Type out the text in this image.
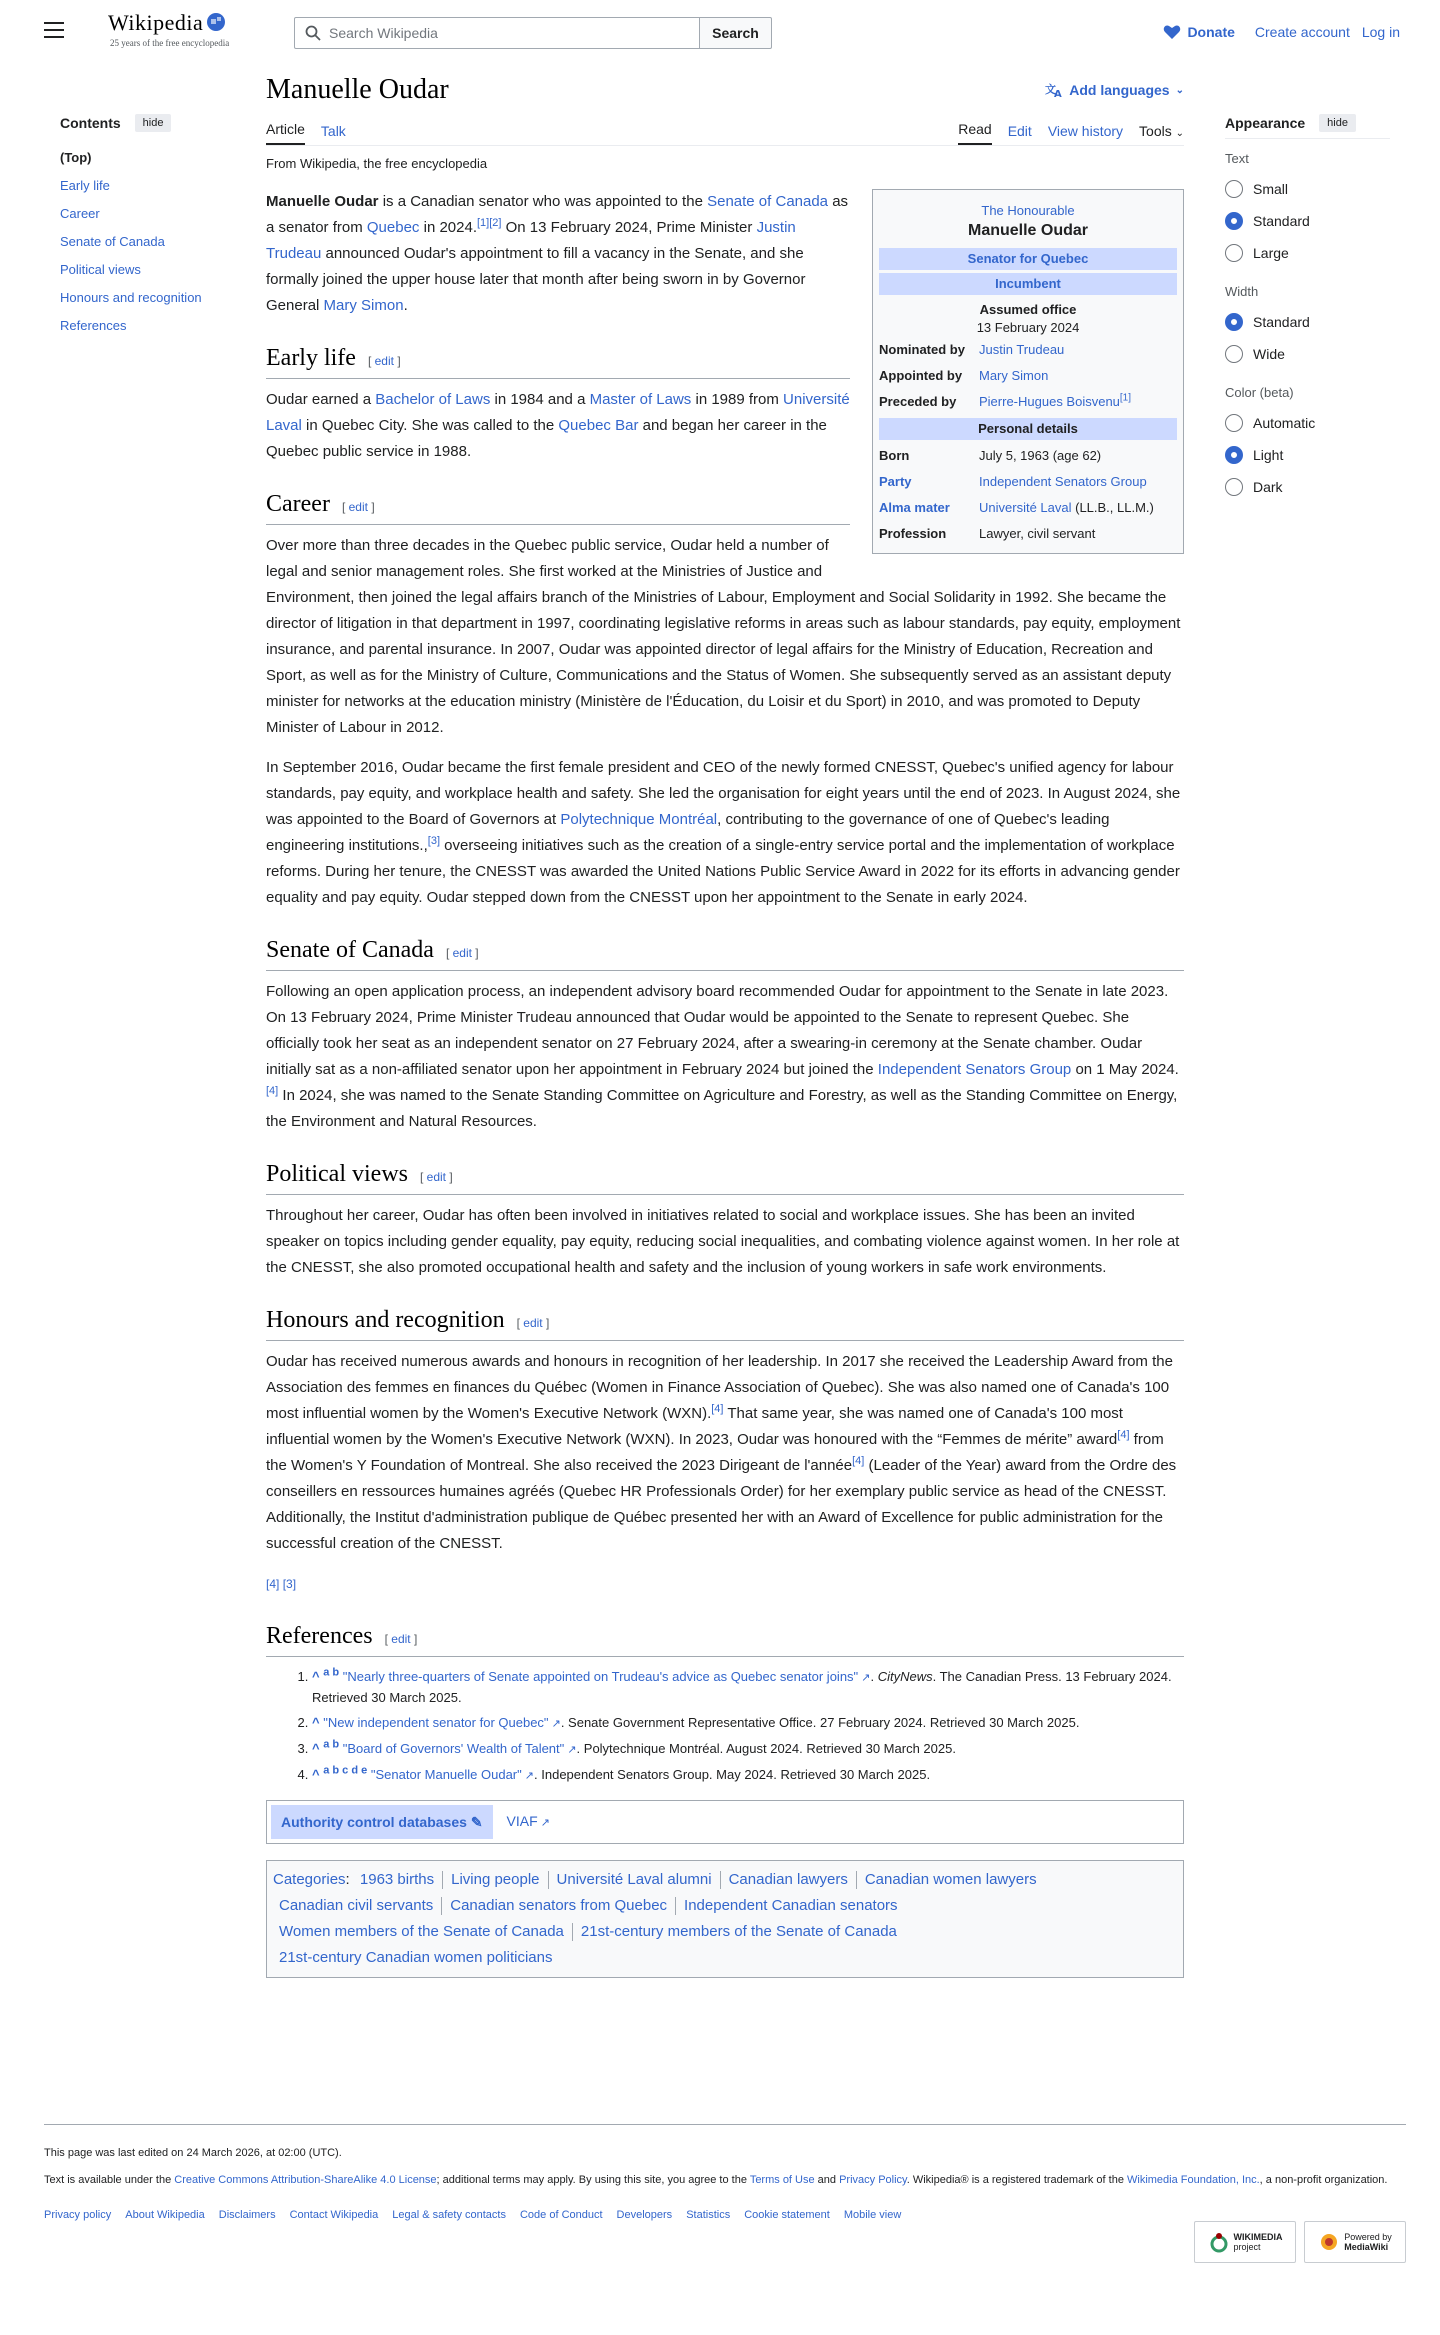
Wikipedia
25 years of the free encyclopedia
Search Wikipedia	Search	Donate Create account Log in
Contents	hide
(Top)
Early life
Career
Senate of Canada
Political views
Honours and recognition
References
Manuelle Oudar	文
A Add languages ⌄
Article Talk	Read Edit View history Tools ⌄
From Wikipedia, the free encyclopedia
The Honourable
Manuelle Oudar
Senator for Quebec
Incumbent
Assumed office
13 February 2024
Nominated by	Justin Trudeau
Appointed by	Mary Simon
Preceded by	Pierre-Hugues Boisvenu[1]
Personal details
Born	July 5, 1963 (age 62)
Party	Independent Senators Group
Alma mater	Université Laval (LL.B., LL.M.)
Profession	Lawyer, civil servant

Manuelle Oudar is a Canadian senator who was appointed to the Senate of Canada as a senator from Quebec in 2024.[1][2] On 13 February 2024, Prime Minister Justin Trudeau announced Oudar's appointment to fill a vacancy in the Senate, and she formally joined the upper house later that month after being sworn in by Governor General Mary Simon.

Early life [ edit ]

Oudar earned a Bachelor of Laws in 1984 and a Master of Laws in 1989 from Université Laval in Quebec City. She was called to the Quebec Bar and began her career in the Quebec public service in 1988.

Career [ edit ]

Over more than three decades in the Quebec public service, Oudar held a number of legal and senior management roles. She first worked at the Ministries of Justice and Environment, then joined the legal affairs branch of the Ministries of Labour, Employment and Social Solidarity in 1992. She became the director of litigation in that department in 1997, coordinating legislative reforms in areas such as labour standards, pay equity, employment insurance, and parental insurance. In 2007, Oudar was appointed director of legal affairs for the Ministry of Education, Recreation and Sport, as well as for the Ministry of Culture, Communications and the Status of Women. She subsequently served as an assistant deputy minister for networks at the education ministry (Ministère de l'Éducation, du Loisir et du Sport) in 2010, and was promoted to Deputy Minister of Labour in 2012.

In September 2016, Oudar became the first female president and CEO of the newly formed CNESST, Quebec's unified agency for labour standards, pay equity, and workplace health and safety. She led the organisation for eight years until the end of 2023. In August 2024, she was appointed to the Board of Governors at Polytechnique Montréal, contributing to the governance of one of Quebec's leading engineering institutions.,[3] overseeing initiatives such as the creation of a single-entry service portal and the implementation of workplace reforms. During her tenure, the CNESST was awarded the United Nations Public Service Award in 2022 for its efforts in advancing gender equality and pay equity. Oudar stepped down from the CNESST upon her appointment to the Senate in early 2024.

Senate of Canada [ edit ]

Following an open application process, an independent advisory board recommended Oudar for appointment to the Senate in late 2023. On 13 February 2024, Prime Minister Trudeau announced that Oudar would be appointed to the Senate to represent Quebec. She officially took her seat as an independent senator on 27 February 2024, after a swearing-in ceremony at the Senate chamber. Oudar initially sat as a non-affiliated senator upon her appointment in February 2024 but joined the Independent Senators Group on 1 May 2024.[4] In 2024, she was named to the Senate Standing Committee on Agriculture and Forestry, as well as the Standing Committee on Energy, the Environment and Natural Resources.

Political views [ edit ]

Throughout her career, Oudar has often been involved in initiatives related to social and workplace issues. She has been an invited speaker on topics including gender equality, pay equity, reducing social inequalities, and combating violence against women. In her role at the CNESST, she also promoted occupational health and safety and the inclusion of young workers in safe work environments.

Honours and recognition [ edit ]

Oudar has received numerous awards and honours in recognition of her leadership. In 2017 she received the Leadership Award from the Association des femmes en finances du Québec (Women in Finance Association of Quebec). She was also named one of Canada's 100 most influential women by the Women's Executive Network (WXN).[4] That same year, she was named one of Canada's 100 most influential women by the Women's Executive Network (WXN). In 2023, Oudar was honoured with the “Femmes de mérite” award[4] from the Women's Y Foundation of Montreal. She also received the 2023 Dirigeant de l'année[4] (Leader of the Year) award from the Ordre des conseillers en ressources humaines agréés (Quebec HR Professionals Order) for her exemplary public service as head of the CNESST. Additionally, the Institut d'administration publique de Québec presented her with an Award of Excellence for public administration for the successful creation of the CNESST.

[4] [3]

References [ edit ]
1. ^ $^{a b}$ "Nearly three-quarters of Senate appointed on Trudeau's advice as Quebec senator joins" ↗ . CityNews. The Canadian Press. 13 February 2024. Retrieved 30 March 2025.
2. ^ "New independent senator for Quebec" ↗ . Senate Government Representative Office. 27 February 2024. Retrieved 30 March 2025.
3. ^ $^{a b}$ "Board of Governors' Wealth of Talent" ↗ . Polytechnique Montréal. August 2024. Retrieved 30 March 2025.
4. ^ $^{a b c d e}$ "Senator Manuelle Oudar" ↗ . Independent Senators Group. May 2024. Retrieved 30 March 2025.
Authority control databases ✎	VIAF ↗
Categories: 1963 births Living people Université Laval alumni Canadian lawyers Canadian women lawyers
Canadian civil servants Canadian senators from Quebec Independent Canadian senators
Women members of the Senate of Canada 21st-century members of the Senate of Canada
21st-century Canadian women politicians
Appearance	hide
Text
Small
Standard
Large
Width
Standard
Wide
Color (beta)
Automatic
Light
Dark

This page was last edited on 24 March 2026, at 02:00 (UTC).

Text is available under the Creative Commons Attribution-ShareAlike 4.0 License; additional terms may apply. By using this site, you agree to the Terms of Use and Privacy Policy. Wikipedia® is a registered trademark of the Wikimedia Foundation, Inc., a non-profit organization.

Privacy policy About Wikipedia Disclaimers Contact Wikipedia Legal & safety contacts Code of Conduct Developers Statistics Cookie statement Mobile view
WIKIMEDIA
project
Powered by
MediaWiki
